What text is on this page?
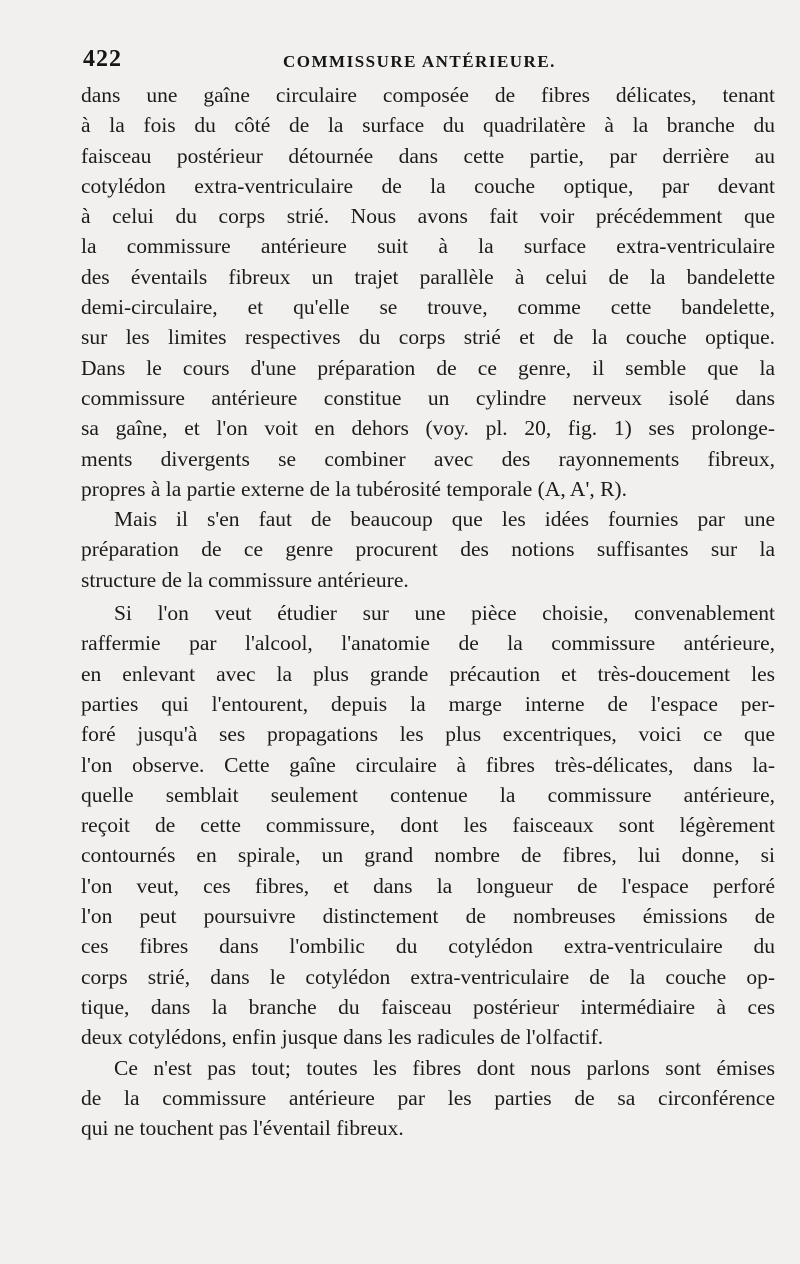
422	COMMISSURE ANTÉRIEURE.
dans une gaîne circulaire composée de fibres délicates, tenant
à la fois du côté de la surface du quadrilatère à la branche du
faisceau postérieur détournée dans cette partie, par derrière au
cotylédon extra-ventriculaire de la couche optique, par devant
à celui du corps strié. Nous avons fait voir précédemment que
la commissure antérieure suit à la surface extra-ventriculaire
des éventails fibreux un trajet parallèle à celui de la bandelette
demi-circulaire, et qu'elle se trouve, comme cette bandelette,
sur les limites respectives du corps strié et de la couche optique.
Dans le cours d'une préparation de ce genre, il semble que la
commissure antérieure constitue un cylindre nerveux isolé dans
sa gaîne, et l'on voit en dehors (voy. pl. 20, fig. 1) ses prolonge-
ments divergents se combiner avec des rayonnements fibreux,
propres à la partie externe de la tubérosité temporale (A, A', R).
Mais il s'en faut de beaucoup que les idées fournies par une
préparation de ce genre procurent des notions suffisantes sur la
structure de la commissure antérieure.
Si l'on veut étudier sur une pièce choisie, convenablement
raffermie par l'alcool, l'anatomie de la commissure antérieure,
en enlevant avec la plus grande précaution et très-doucement les
parties qui l'entourent, depuis la marge interne de l'espace per-
foré jusqu'à ses propagations les plus excentriques, voici ce que
l'on observe. Cette gaîne circulaire à fibres très-délicates, dans la-
quelle semblait seulement contenue la commissure antérieure,
reçoit de cette commissure, dont les faisceaux sont légèrement
contournés en spirale, un grand nombre de fibres, lui donne, si
l'on veut, ces fibres, et dans la longueur de l'espace perforé
l'on peut poursuivre distinctement de nombreuses émissions de
ces fibres dans l'ombilic du cotylédon extra-ventriculaire du
corps strié, dans le cotylédon extra-ventriculaire de la couche op-
tique, dans la branche du faisceau postérieur intermédiaire à ces
deux cotylédons, enfin jusque dans les radicules de l'olfactif.
Ce n'est pas tout; toutes les fibres dont nous parlons sont émises
de la commissure antérieure par les parties de sa circonférence
qui ne touchent pas l'éventail fibreux.
